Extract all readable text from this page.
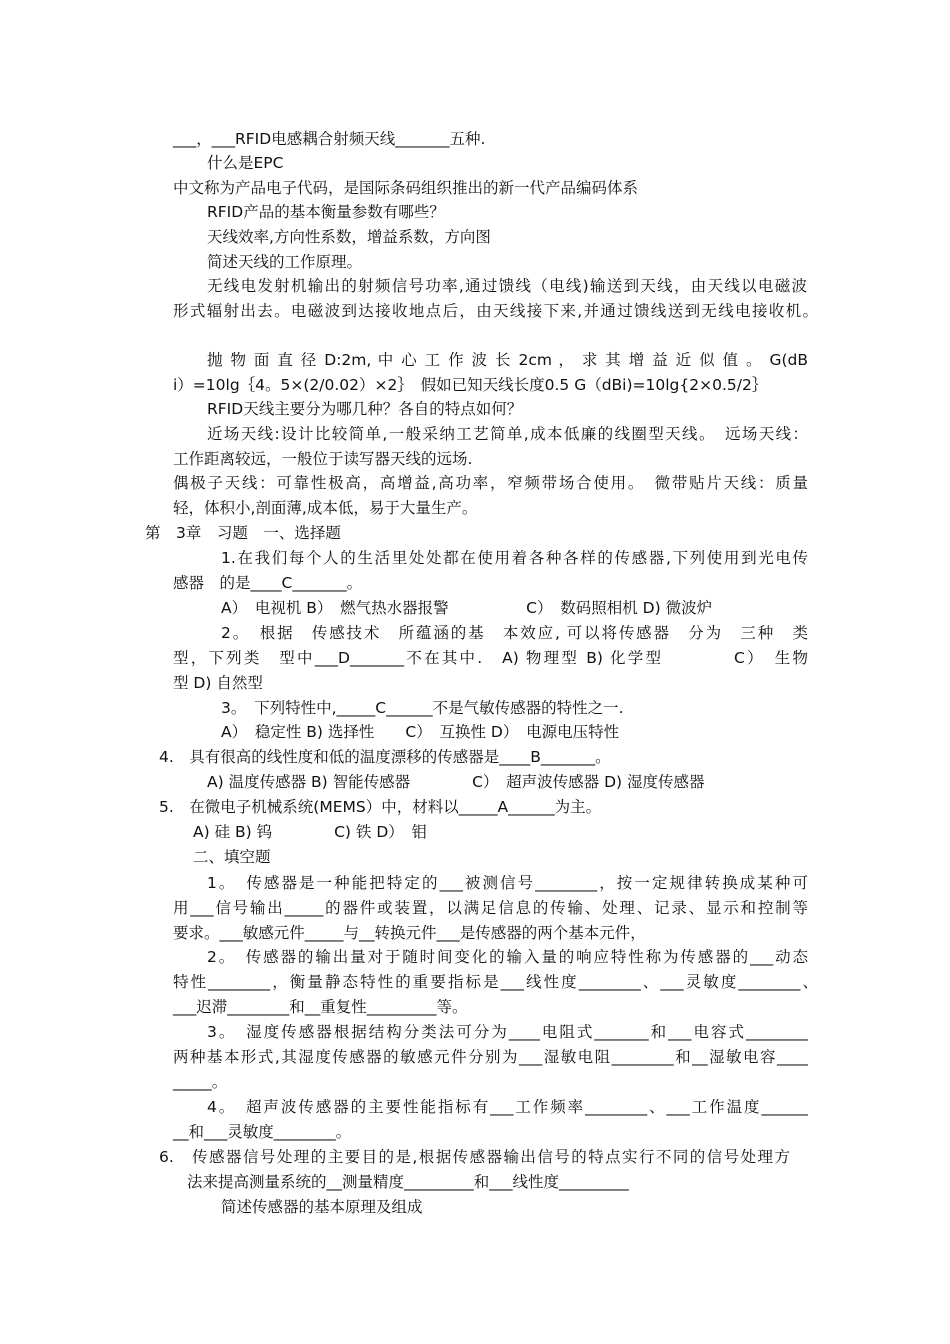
___，___RFID电感耦合射频天线_______五种.
什么是EPC
中文称为产品电子代码，是国际条码组织推出的新一代产品编码体系
RFID产品的基本衡量参数有哪些？
天线效率,方向性系数，增益系数，方向图
简述天线的工作原理。
无线电发射机输出的射频信号功率,通过馈线（电线)输送到天线，由天线以电磁波
形式辐射出去。电磁波到达接收地点后，由天线接下来,并通过馈线送到无线电接收机。
抛 物 面 直 径 D:2m, 中 心 工 作 波 长 2cm ， 求 其 增 益 近 似 值 。 G(dB
i）=10lg｛4。5×(2/0.02）×2｝　假如已知天线长度0.5 G（dBi)=10lg{2×0.5/2｝
RFID天线主要分为哪几种？各自的特点如何？
近场天线:设计比较简单,一般采纳工艺简单,成本低廉的线圈型天线。　远场天线：
工作距离较远，一般位于读写器天线的远场.
偶极子天线：可靠性极高，高增益,高功率，窄频带场合使用。　微带贴片天线：质量
轻，体积小,剖面薄,成本低，易于大量生产。
第　3章　习题　一、选择题
1.在我们每个人的生活里处处都在使用着各种各样的传感器,下列使用到光电传
感器　的是____C_______。
A）　电视机 B）　燃气热水器报警　　　　　C）　数码照相机 D) 微波炉
2。　根据　传感技术　所蕴涵的基　本效应, 可以将传感器　分为　三种　类
型，下列类　型中___D_______不在其中.　A) 物理型 B) 化学型　　　　C）　生物
型 D) 自然型
3。　下列特性中,_____C______不是气敏传感器的特性之一.
A）　稳定性 B) 选择性　　C）　互换性 D）　电源电压特性
4.　具有很高的线性度和低的温度漂移的传感器是____B_______。
A) 温度传感器 B) 智能传感器　　　　C）　超声波传感器 D) 湿度传感器
5.　在微电子机械系统(MEMS）中，材料以_____A______为主。
A) 硅 B) 钨　　　　C) 铁 D）　钼
二、填空题
1。　传感器是一种能把特定的___被测信号________，按一定规律转换成某种可
用___信号输出_____的器件或装置，以满足信息的传输、处理、记录、显示和控制等
要求。___敏感元件_____与__转换元件___是传感器的两个基本元件，
2。　传感器的输出量对于随时间变化的输入量的响应特性称为传感器的___动态
特性________，衡量静态特性的重要指标是___线性度________、___灵敏度________、
___迟滞________和__重复性_________等。
3。　湿度传感器根据结构分类法可分为____电阻式_______和___电容式________
两种基本形式,其湿度传感器的敏感元件分别为___湿敏电阻________和__湿敏电容____
_____。
4。　超声波传感器的主要性能指标有___工作频率________、___工作温度______
__和___灵敏度________。
6.　传感器信号处理的主要目的是,根据传感器输出信号的特点实行不同的信号处理方
法来提高测量系统的__测量精度_________和___线性度_________
简述传感器的基本原理及组成
